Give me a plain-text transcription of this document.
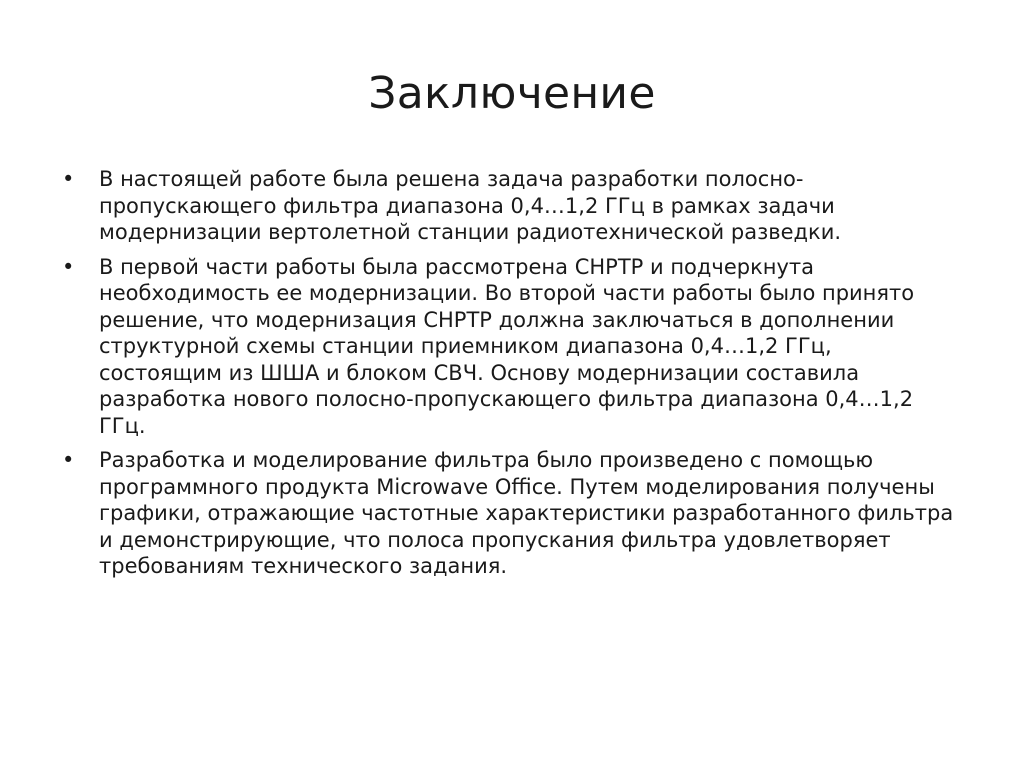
Заключение
• В настоящей работе была решена задача разработки полосно-пропускающего фильтра диапазона 0,4…1,2 ГГц в рамках задачи модернизации вертолетной станции радиотехнической разведки.
• В первой части работы была рассмотрена СНРТР и подчеркнута необходимость ее модернизации. Во второй части работы было принято решение, что модернизация СНРТР должна заключаться в дополнении структурной схемы станции приемником диапазона 0,4…1,2 ГГц, состоящим из ШША и блоком СВЧ. Основу модернизации составила разработка нового полосно-пропускающего фильтра диапазона 0,4…1,2 ГГц.
• Разработка и моделирование фильтра было произведено с помощью программного продукта Microwave Office. Путем моделирования получены графики, отражающие частотные характеристики разработанного фильтра и демонстрирующие, что полоса пропускания фильтра удовлетворяет требованиям технического задания.
